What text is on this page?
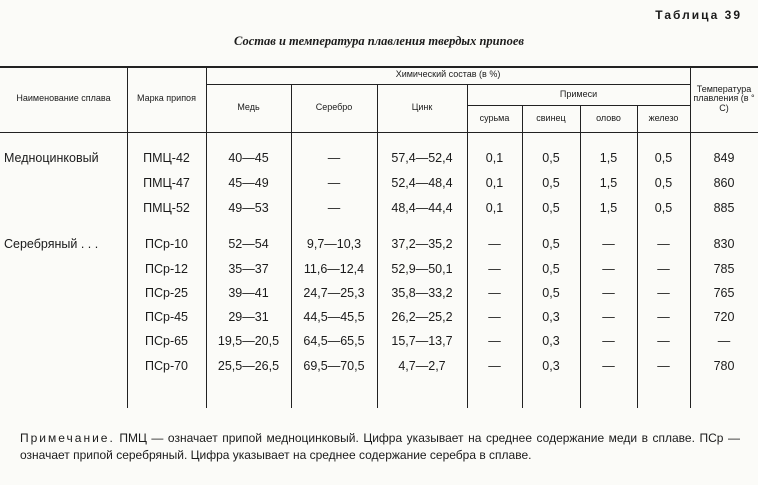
Таблица 39
Состав и температура плавления твердых припоев
Наименование сплава	Марка припоя
Химический состав (в %)
Медь	Серебро	Цинк
Примеси
сурьма	свинец	олово	железо
Температура плавления (в ° С)
Медноцинковый	ПМЦ-42	40—45	—	57,4—52,4	0,1	0,5	1,5	0,5	849
ПМЦ-47	45—49	—	52,4—48,4	0,1	0,5	1,5	0,5	860
ПМЦ-52	49—53	—	48,4—44,4	0,1	0,5	1,5	0,5	885
Серебряный . . .	ПСр-10	52—54	9,7—10,3	37,2—35,2	—	0,5	—	—	830
ПСр-12	35—37	11,6—12,4	52,9—50,1	—	0,5	—	—	785
ПСр-25	39—41	24,7—25,3	35,8—33,2	—	0,5	—	—	765
ПСр-45	29—31	44,5—45,5	26,2—25,2	—	0,3	—	—	720
ПСр-65	19,5—20,5	64,5—65,5	15,7—13,7	—	0,3	—	—	—
ПСр-70	25,5—26,5	69,5—70,5	4,7—2,7	—	0,3	—	—	780
Примечание. ПМЦ — означает припой медноцинковый. Цифра указывает на среднее содержание меди в сплаве. ПСр — означает припой серебряный. Цифра указывает на среднее содержание серебра в сплаве.
